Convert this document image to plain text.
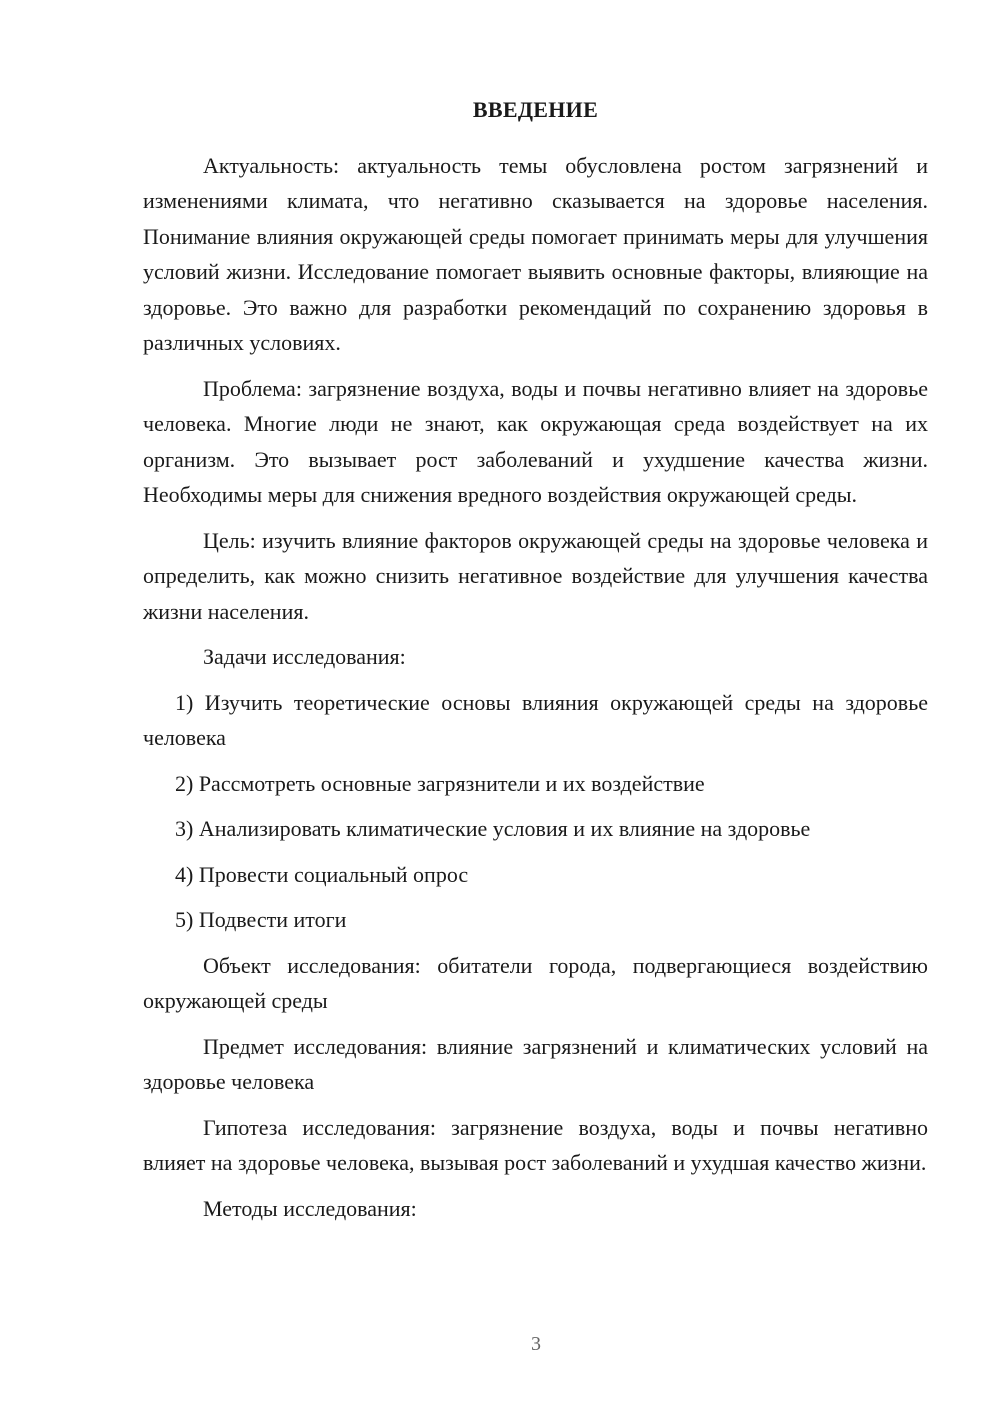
ВВЕДЕНИЕ

Актуальность: актуальность темы обусловлена ростом загрязнений и изменениями климата, что негативно сказывается на здоровье населения. Понимание влияния окружающей среды помогает принимать меры для улучшения условий жизни. Исследование помогает выявить основные факторы, влияющие на здоровье. Это важно для разработки рекомендаций по сохранению здоровья в различных условиях.

Проблема: загрязнение воздуха, воды и почвы негативно влияет на здоровье человека. Многие люди не знают, как окружающая среда воздействует на их организм. Это вызывает рост заболеваний и ухудшение качества жизни. Необходимы меры для снижения вредного воздействия окружающей среды.

Цель: изучить влияние факторов окружающей среды на здоровье человека и определить, как можно снизить негативное воздействие для улучшения качества жизни населения.

Задачи исследования:

1) Изучить теоретические основы влияния окружающей среды на здоровье человека

2) Рассмотреть основные загрязнители и их воздействие

3) Анализировать климатические условия и их влияние на здоровье

4) Провести социальный опрос

5) Подвести итоги

Объект исследования: обитатели города, подвергающиеся воздействию окружающей среды

Предмет исследования: влияние загрязнений и климатических условий на здоровье человека

Гипотеза исследования: загрязнение воздуха, воды и почвы негативно влияет на здоровье человека, вызывая рост заболеваний и ухудшая качество жизни.

Методы исследования:

3
